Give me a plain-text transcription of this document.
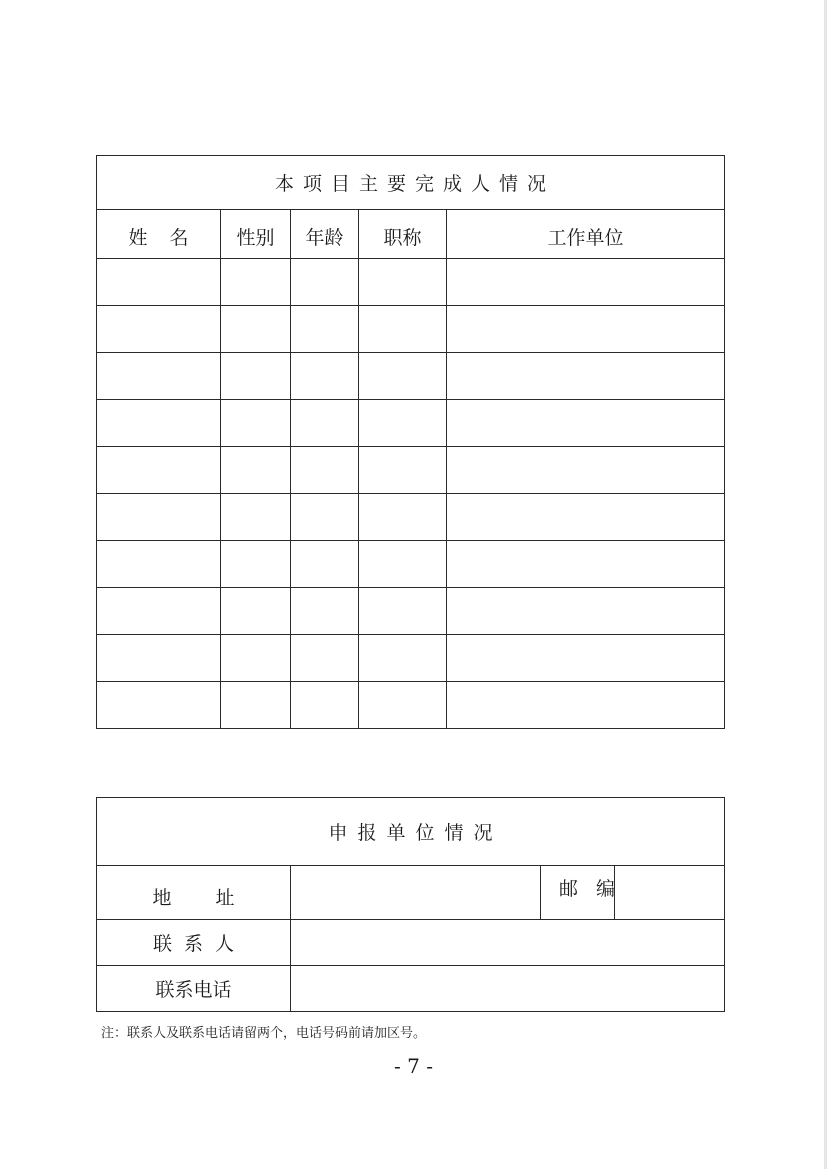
本项目主要完成人情况				
姓名	性别	年龄	职称	工作单位

申报单位情况			
地址		邮编	
联系人			
联系电话			
注：联系人及联系电话请留两个，电话号码前请加区号。
- 7 -
